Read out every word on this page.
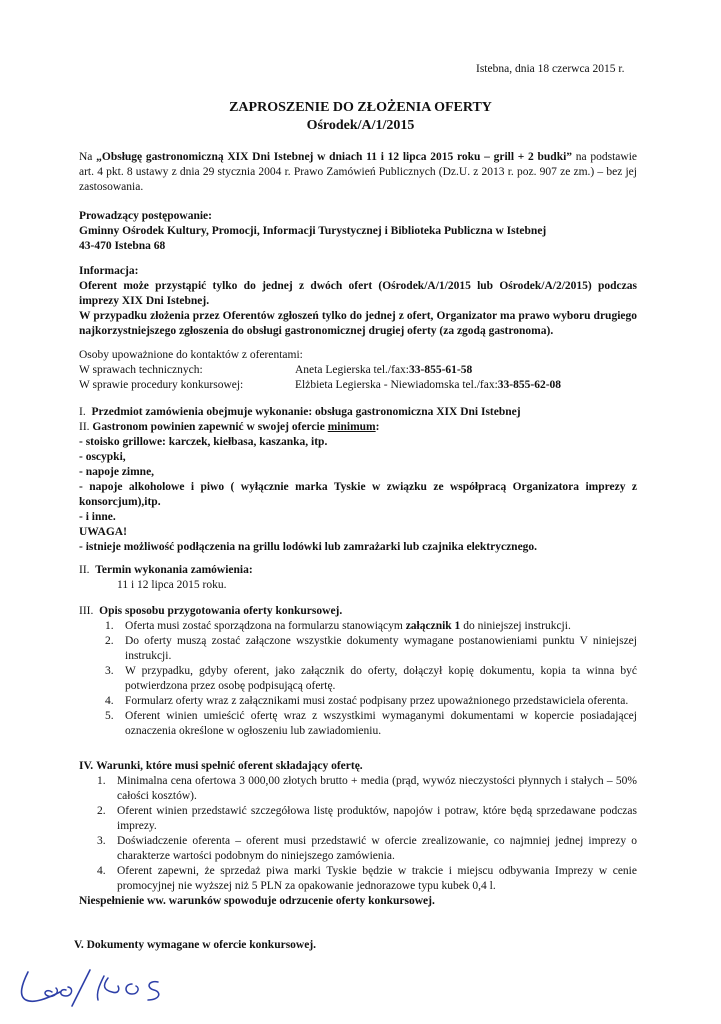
Istebna, dnia 18 czerwca 2015 r.
ZAPROSZENIE DO ZŁOŻENIA OFERTY
Ośrodek/A/1/2015
Na „Obsługę gastronomiczną XIX Dni Istebnej w dniach 11 i 12 lipca 2015 roku – grill + 2 budki” na podstawie art. 4 pkt. 8 ustawy z dnia 29 stycznia 2004 r. Prawo Zamówień Publicznych (Dz.U. z 2013 r. poz. 907 ze zm.) – bez jej zastosowania.
Prowadzący postępowanie:
Gminny Ośrodek Kultury, Promocji, Informacji Turystycznej i Biblioteka Publiczna w Istebnej
43-470 Istebna 68
Informacja:
Oferent może przystąpić tylko do jednej z dwóch ofert (Ośrodek/A/1/2015 lub Ośrodek/A/2/2015) podczas imprezy XIX Dni Istebnej.
W przypadku złożenia przez Oferentów zgłoszeń tylko do jednej z ofert, Organizator ma prawo wyboru drugiego najkorzystniejszego zgłoszenia do obsługi gastronomicznej drugiej oferty (za zgodą gastronoma).
Osoby upoważnione do kontaktów z oferentami:
W sprawach technicznych:	Aneta Legierska tel./fax: 33-855-61-58
W sprawie procedury konkursowej:	Elżbieta Legierska - Niewiadomska tel./fax: 33-855-62-08
I. Przedmiot zamówienia obejmuje wykonanie: obsługa gastronomiczna XIX Dni Istebnej
II. Gastronom powinien zapewnić w swojej ofercie minimum:
- stoisko grillowe: karczek, kiełbasa, kaszanka, itp.
- oscypki,
- napoje zimne,
- napoje alkoholowe i piwo ( wyłącznie marka Tyskie w związku ze współpracą Organizatora imprezy z konsorcjum),itp.
- i inne.
UWAGA!
- istnieje możliwość podłączenia na grillu lodówki lub zamrażarki lub czajnika elektrycznego.
II. Termin wykonania zamówienia:
11 i 12 lipca 2015 roku.
III. Opis sposobu przygotowania oferty konkursowej.
1. Oferta musi zostać sporządzona na formularzu stanowiącym załącznik 1 do niniejszej instrukcji.
2. Do oferty muszą zostać załączone wszystkie dokumenty wymagane postanowieniami punktu V niniejszej instrukcji.
3. W przypadku, gdyby oferent, jako załącznik do oferty, dołączył kopię dokumentu, kopia ta winna być potwierdzona przez osobę podpisującą ofertę.
4. Formularz oferty wraz z załącznikami musi zostać podpisany przez upoważnionego przedstawiciela oferenta.
5. Oferent winien umieścić ofertę wraz z wszystkimi wymaganymi dokumentami w kopercie posiadającej oznaczenia określone w ogłoszeniu lub zawiadomieniu.
IV. Warunki, które musi spełnić oferent składający ofertę.
1. Minimalna cena ofertowa 3 000,00 złotych brutto + media (prąd, wywóz nieczystości płynnych i stałych – 50% całości kosztów).
2. Oferent winien przedstawić szczegółowa listę produktów, napojów i potraw, które będą sprzedawane podczas imprezy.
3. Doświadczenie oferenta – oferent musi przedstawić w ofercie zrealizowanie, co najmniej jednej imprezy o charakterze wartości podobnym do niniejszego zamówienia.
4. Oferent zapewni, że sprzedaż piwa marki Tyskie będzie w trakcie i miejscu odbywania Imprezy w cenie promocyjnej nie wyższej niż 5 PLN za opakowanie jednorazowe typu kubek 0,4 l.
Niespełnienie ww. warunków spowoduje odrzucenie oferty konkursowej.
V. Dokumenty wymagane w ofercie konkursowej.
